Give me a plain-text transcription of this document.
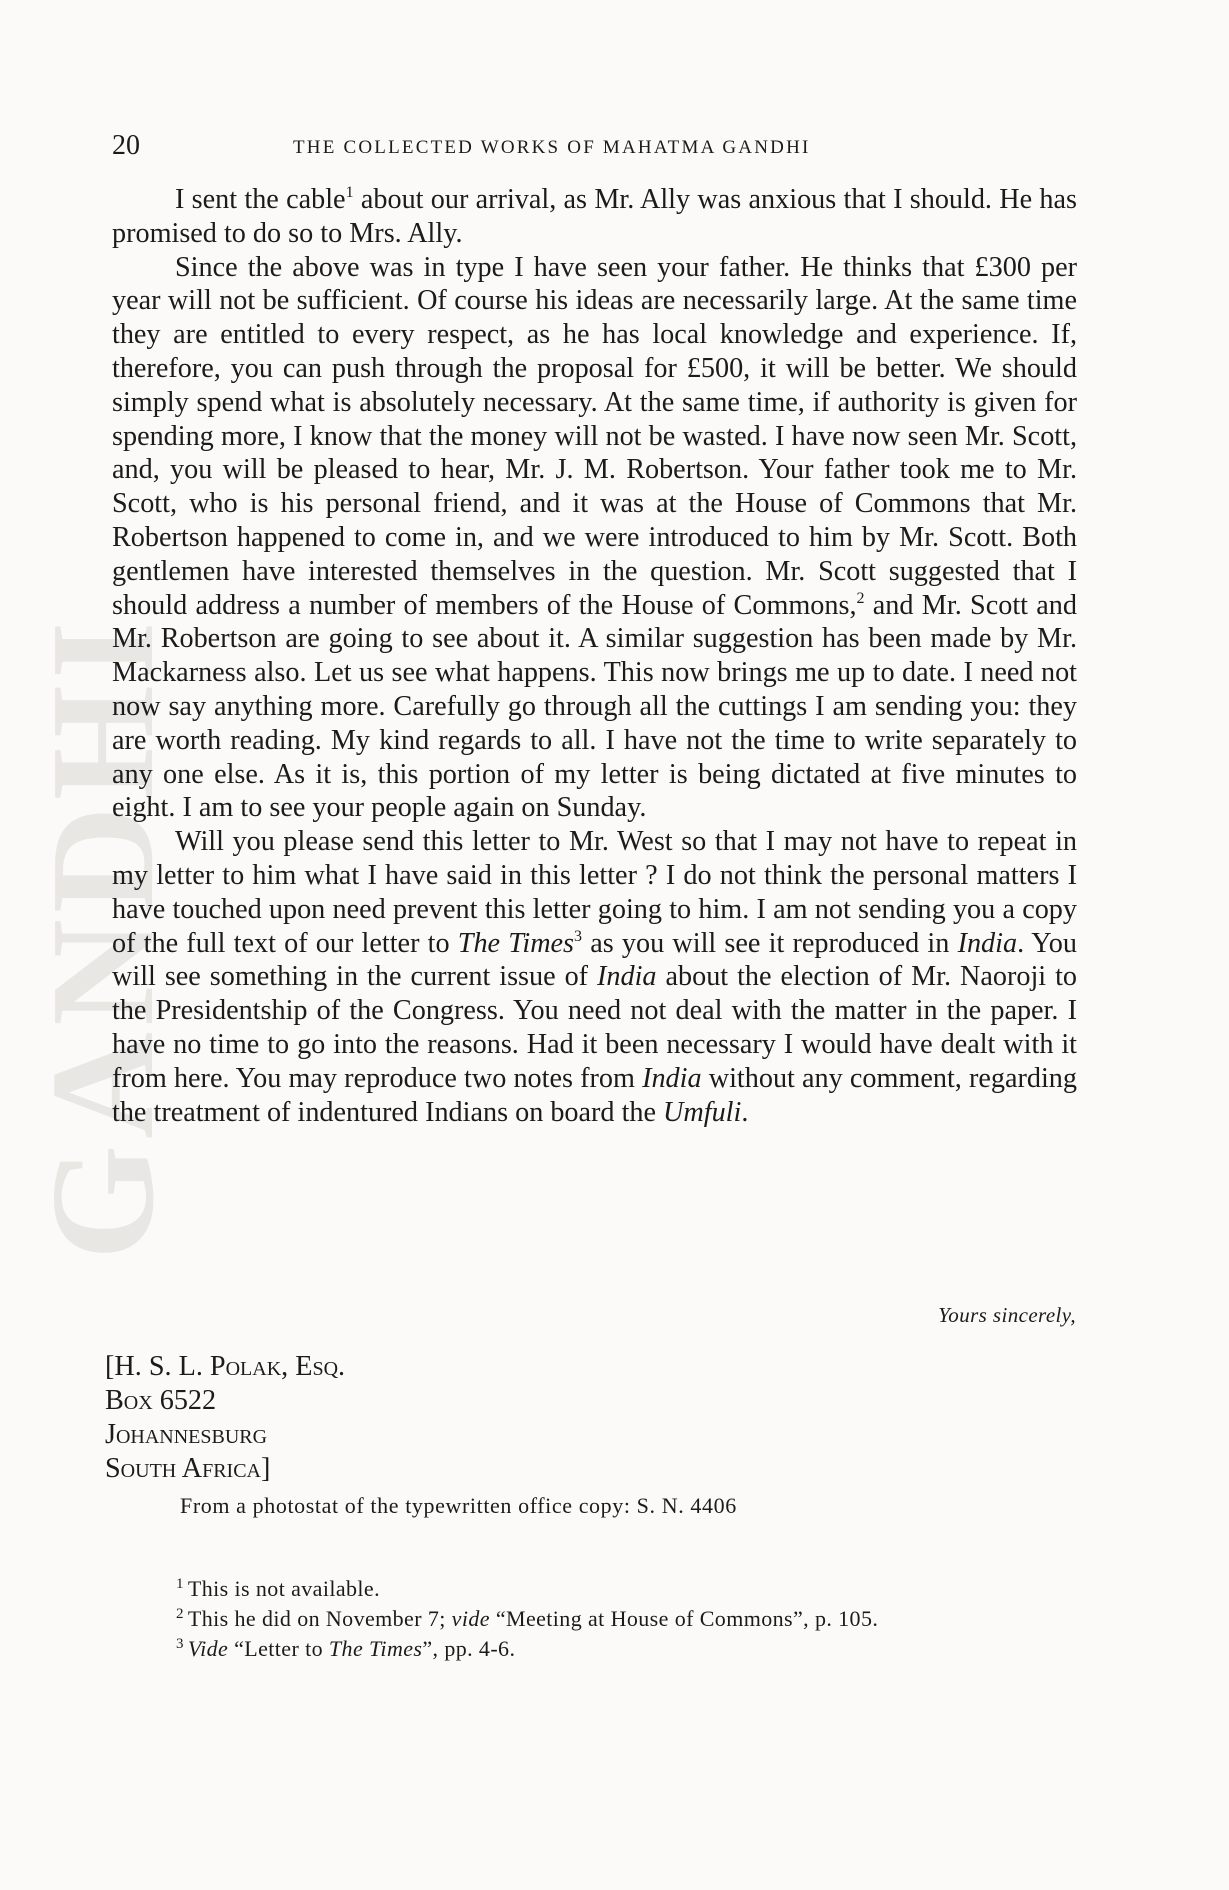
GANDHI
20	THE COLLECTED WORKS OF MAHATMA GANDHI

I sent the cable$^1$ about our arrival, as Mr. Ally was anxious that I should. He has promised to do so to Mrs. Ally.

Since the above was in type I have seen your father. He thinks that £300 per year will not be sufficient. Of course his ideas are necessarily large. At the same time they are entitled to every respect, as he has local knowledge and experience. If, therefore, you can push through the proposal for £500, it will be better. We should simply spend what is absolutely necessary. At the same time, if authority is given for spending more, I know that the money will not be wasted. I have now seen Mr. Scott, and, you will be pleased to hear, Mr. J. M. Robertson. Your father took me to Mr. Scott, who is his personal friend, and it was at the House of Commons that Mr. Robertson happened to come in, and we were introduced to him by Mr. Scott. Both gentlemen have interested themselves in the question. Mr. Scott suggested that I should address a number of members of the House of Commons,$^2$ and Mr. Scott and Mr. Robertson are going to see about it. A similar suggestion has been made by Mr. Mackarness also. Let us see what happens. This now brings me up to date. I need not now say anything more. Carefully go through all the cuttings I am sending you: they are worth reading. My kind regards to all. I have not the time to write separately to any one else. As it is, this portion of my letter is being dictated at five minutes to eight. I am to see your people again on Sunday.

Will you please send this letter to Mr. West so that I may not have to repeat in my letter to him what I have said in this letter ? I do not think the personal matters I have touched upon need prevent this letter going to him. I am not sending you a copy of the full text of our letter to The Times$^3$ as you will see it reproduced in India. You will see something in the current issue of India about the election of Mr. Naoroji to the Presidentship of the Congress. You need not deal with the matter in the paper. I have no time to go into the reasons. Had it been necessary I would have dealt with it from here. You may reproduce two notes from India without any comment, regarding the treatment of indentured Indians on board the Umfuli.

Yours sincerely,
[H. S. L. Polak, Esq.
Box 6522
Johannesburg
South Africa]
From a photostat of the typewritten office copy: S. N. 4406
$^1$ This is not available.
$^2$ This he did on November 7; vide “Meeting at House of Commons”, p. 105.
$^3$ Vide “Letter to The Times”, pp. 4-6.
